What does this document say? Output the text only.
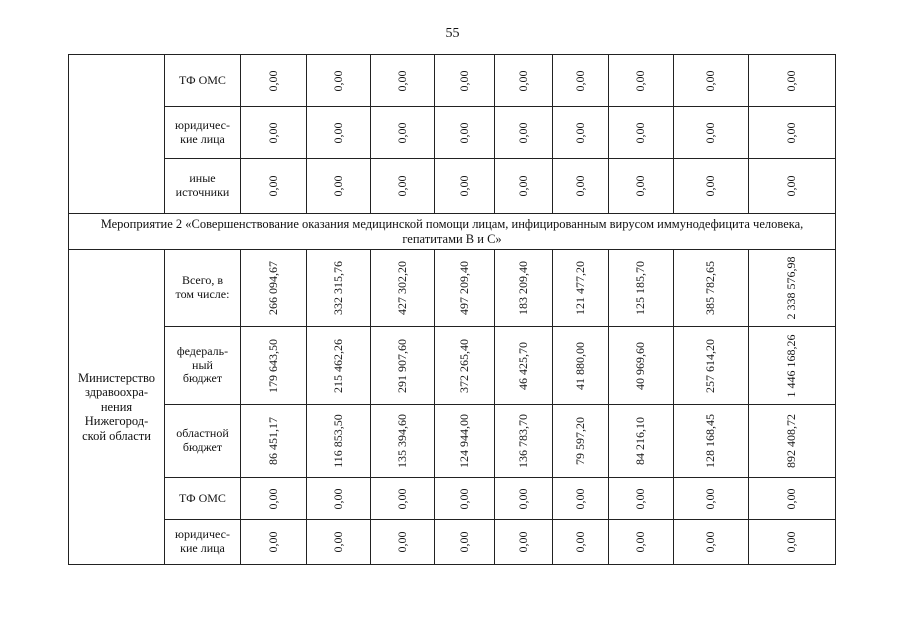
55
	ТФ ОМС	0,00	0,00	0,00	0,00	0,00	0,00	0,00	0,00	0,00

	юридичес-
кие лица	0,00	0,00	0,00	0,00	0,00	0,00	0,00	0,00	0,00

	иные
источники	0,00	0,00	0,00	0,00	0,00	0,00	0,00	0,00	0,00

Мероприятие 2 «Совершенствование оказания медицинской помощи лицам, инфицированным вирусом иммунодефицита человека, гепатитами В и С»										
Министерство
здравоохра-
нения
Нижегород-
ской области	Всего, в
том числе:	266 094,67	332 315,76	427 302,20	497 209,40	183 209,40	121 477,20	125 185,70	385 782,65	2 338 576,98

	федераль-
ный
бюджет	179 643,50	215 462,26	291 907,60	372 265,40	46 425,70	41 880,00	40 969,60	257 614,20	1 446 168,26

	областной
бюджет	86 451,17	116 853,50	135 394,60	124 944,00	136 783,70	79 597,20	84 216,10	128 168,45	892 408,72

	ТФ ОМС	0,00	0,00	0,00	0,00	0,00	0,00	0,00	0,00	0,00

	юридичес-
кие лица	0,00	0,00	0,00	0,00	0,00	0,00	0,00	0,00	0,00
